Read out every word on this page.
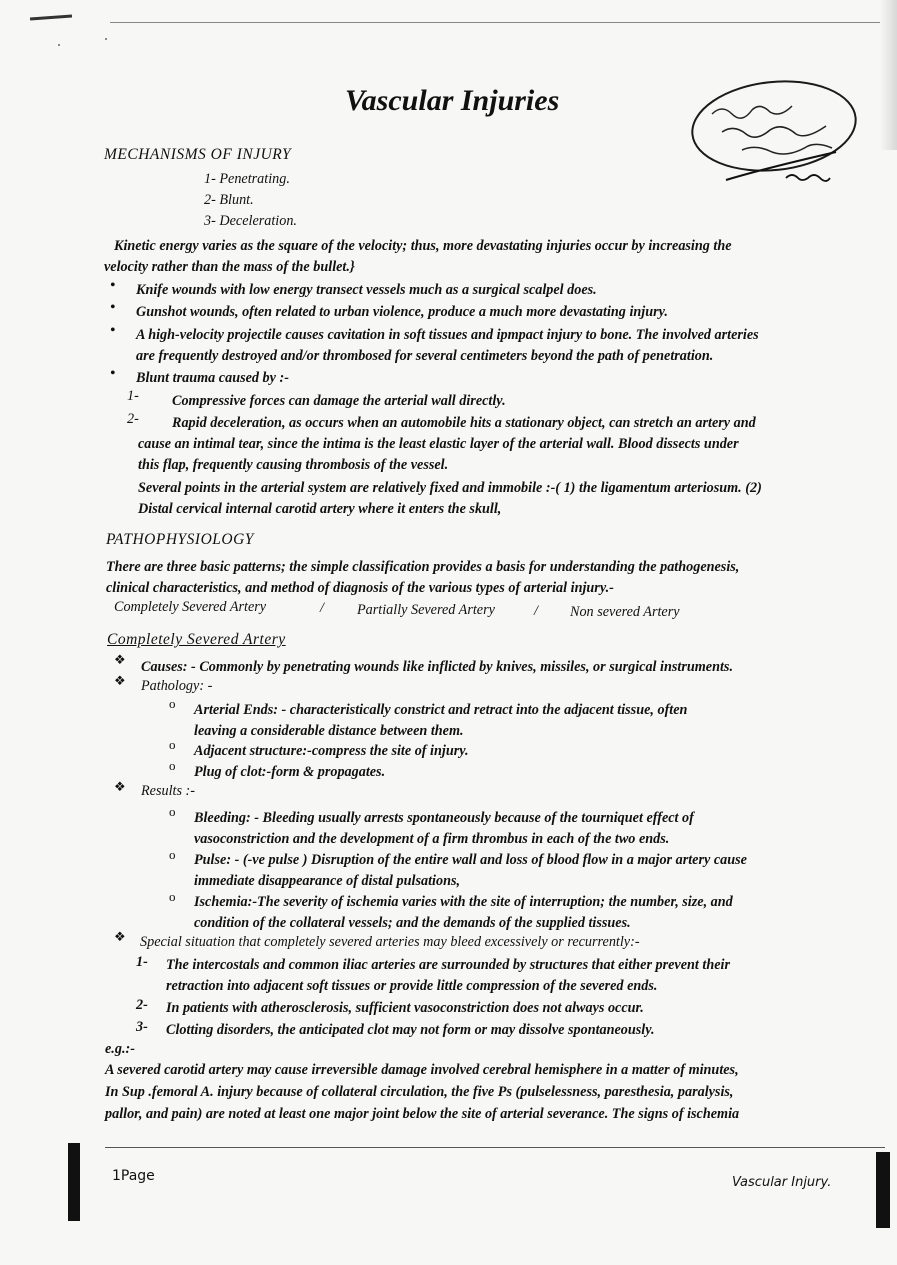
Vascular Injuries
MECHANISMS OF INJURY
1- Penetrating.
2- Blunt.
3- Deceleration.
Kinetic energy varies as the square of the velocity; thus, more devastating injuries occur by increasing the
velocity rather than the mass of the bullet.}
• Knife wounds with low energy transect vessels much as a surgical scalpel does.
• Gunshot wounds, often related to urban violence, produce a much more devastating injury.
• A high-velocity projectile causes cavitation in soft tissues and ipmpact injury to bone. The involved arteries
are frequently destroyed and/or thrombosed for several centimeters beyond the path of penetration.
• Blunt trauma caused by :-
1- Compressive forces can damage the arterial wall directly.
2- Rapid deceleration, as occurs when an automobile hits a stationary object, can stretch an artery and
cause an intimal tear, since the intima is the least elastic layer of the arterial wall. Blood dissects under
this flap, frequently causing thrombosis of the vessel.
Several points in the arterial system are relatively fixed and immobile :-( 1) the ligamentum arteriosum. (2)
Distal cervical internal carotid artery where it enters the skull,
PATHOPHYSIOLOGY
There are three basic patterns; the simple classification provides a basis for understanding the pathogenesis,
clinical characteristics, and method of diagnosis of the various types of arterial injury.-
Completely Severed Artery	/ Partially Severed Artery	/ Non severed Artery
Completely Severed Artery
❖ Causes: - Commonly by penetrating wounds like inflicted by knives, missiles, or surgical instruments.
❖ Pathology: -
o Arterial Ends: - characteristically constrict and retract into the adjacent tissue, often
leaving a considerable distance between them.
o Adjacent structure:-compress the site of injury.
o Plug of clot:-form & propagates.
❖ Results :-
o Bleeding: - Bleeding usually arrests spontaneously because of the tourniquet effect of
vasoconstriction and the development of a firm thrombus in each of the two ends.
o Pulse: - (-ve pulse ) Disruption of the entire wall and loss of blood flow in a major artery cause
immediate disappearance of distal pulsations,
o Ischemia:-The severity of ischemia varies with the site of interruption; the number, size, and
condition of the collateral vessels; and the demands of the supplied tissues.
❖ Special situation that completely severed arteries may bleed excessively or recurrently:-
1- The intercostals and common iliac arteries are surrounded by structures that either prevent their
retraction into adjacent soft tissues or provide little compression of the severed ends.
2- In patients with atherosclerosis, sufficient vasoconstriction does not always occur.
3- Clotting disorders, the anticipated clot may not form or may dissolve spontaneously.
e.g.:-
A severed carotid artery may cause irreversible damage involved cerebral hemisphere in a matter of minutes,
In Sup .femoral A. injury because of collateral circulation, the five Ps (pulselessness, paresthesia, paralysis,
pallor, and pain) are noted at least one major joint below the site of arterial severance. The signs of ischemia
1Page	Vascular Injury.
